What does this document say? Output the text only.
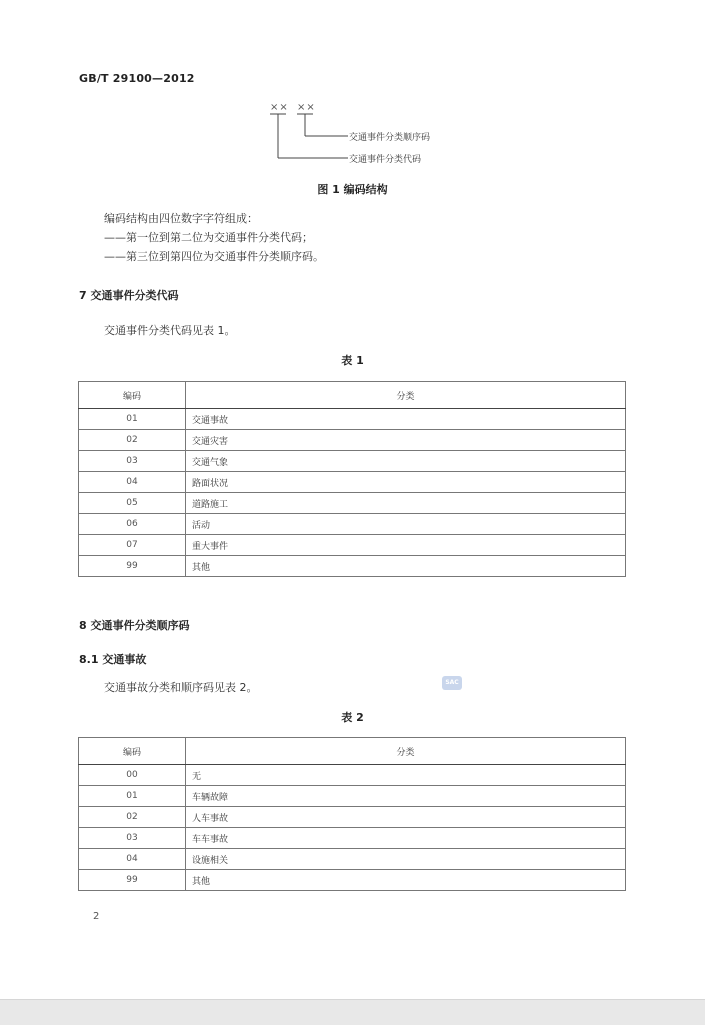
GB/T 29100—2012
×× ××
交通事件分类顺序码
交通事件分类代码
图 1 编码结构
编码结构由四位数字字符组成：
——第一位到第二位为交通事件分类代码；
——第三位到第四位为交通事件分类顺序码。
7 交通事件分类代码
交通事件分类代码见表 1。
表 1
编码	分类
01	交通事故
02	交通灾害
03	交通气象
04	路面状况
05	道路施工
06	活动
07	重大事件
99	其他
8 交通事件分类顺序码
8.1 交通事故
交通事故分类和顺序码见表 2。	SAC
表 2
编码	分类
00	无
01	车辆故障
02	人车事故
03	车车事故
04	设施相关
99	其他
2
